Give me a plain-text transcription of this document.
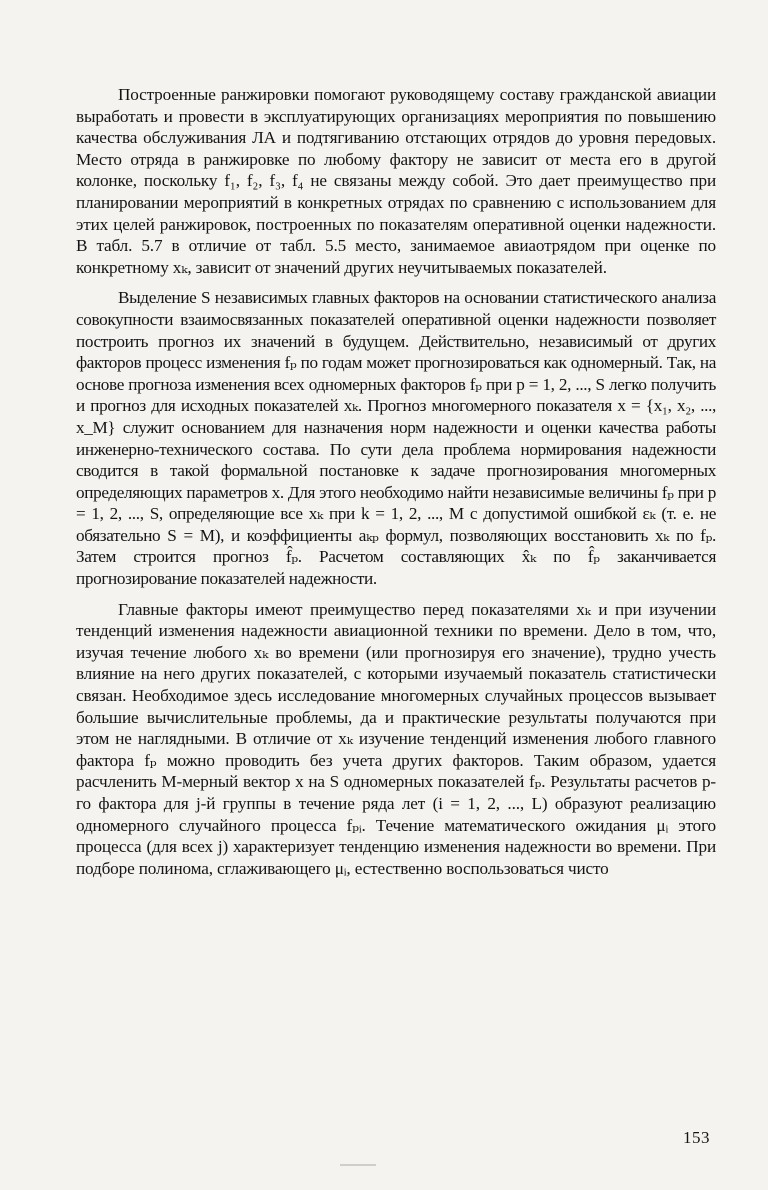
Построенные ранжировки помогают руководящему составу гражданской авиации выработать и провести в эксплуатирующих организациях мероприятия по повышению качества обслуживания ЛА и подтягиванию отстающих отрядов до уровня передовых. Место отряда в ранжировке по любому фактору не зависит от места его в другой колонке, поскольку f₁, f₂, f₃, f₄ не связаны между собой. Это дает преимущество при планировании мероприятий в конкретных отрядах по сравнению с использованием для этих целей ранжировок, построенных по показателям оперативной оценки надежности. В табл. 5.7 в отличие от табл. 5.5 место, занимаемое авиаотрядом при оценке по конкретному xₖ, зависит от значений других неучитываемых показателей.

Выделение S независимых главных факторов на основании статистического анализа совокупности взаимосвязанных показателей оперативной оценки надежности позволяет построить прогноз их значений в будущем. Действительно, независимый от других факторов процесс изменения fₚ по годам может прогнозироваться как одномерный. Так, на основе прогноза изменения всех одномерных факторов fₚ при p = 1, 2, ..., S легко получить и прогноз для исходных показателей xₖ. Прогноз многомерного показателя x = {x₁, x₂, ..., x_M} служит основанием для назначения норм надежности и оценки качества работы инженерно-технического состава. По сути дела проблема нормирования надежности сводится в такой формальной постановке к задаче прогнозирования многомерных определяющих параметров x. Для этого необходимо найти независимые величины fₚ при p = 1, 2, ..., S, определяющие все xₖ при k = 1, 2, ..., M с допустимой ошибкой εₖ (т. е. не обязательно S = M), и коэффициенты aₖₚ формул, позволяющих восстановить xₖ по fₚ. Затем строится прогноз f̂ₚ. Расчетом составляющих x̂ₖ по f̂ₚ заканчивается прогнозирование показателей надежности.

Главные факторы имеют преимущество перед показателями xₖ и при изучении тенденций изменения надежности авиационной техники по времени. Дело в том, что, изучая течение любого xₖ во времени (или прогнозируя его значение), трудно учесть влияние на него других показателей, с которыми изучаемый показатель статистически связан. Необходимое здесь исследование многомерных случайных процессов вызывает большие вычислительные проблемы, да и практические результаты получаются при этом не наглядными. В отличие от xₖ изучение тенденций изменения любого главного фактора fₚ можно проводить без учета других факторов. Таким образом, удается расчленить M-мерный вектор x на S одномерных показателей fₚ. Результаты расчетов p-го фактора для j-й группы в течение ряда лет (i = 1, 2, ..., L) образуют реализацию одномерного случайного процесса fₚᵢ. Течение математического ожидания μᵢ этого процесса (для всех j) характеризует тенденцию изменения надежности во времени. При подборе полинома, сглаживающего μᵢ, естественно воспользоваться чисто

153
